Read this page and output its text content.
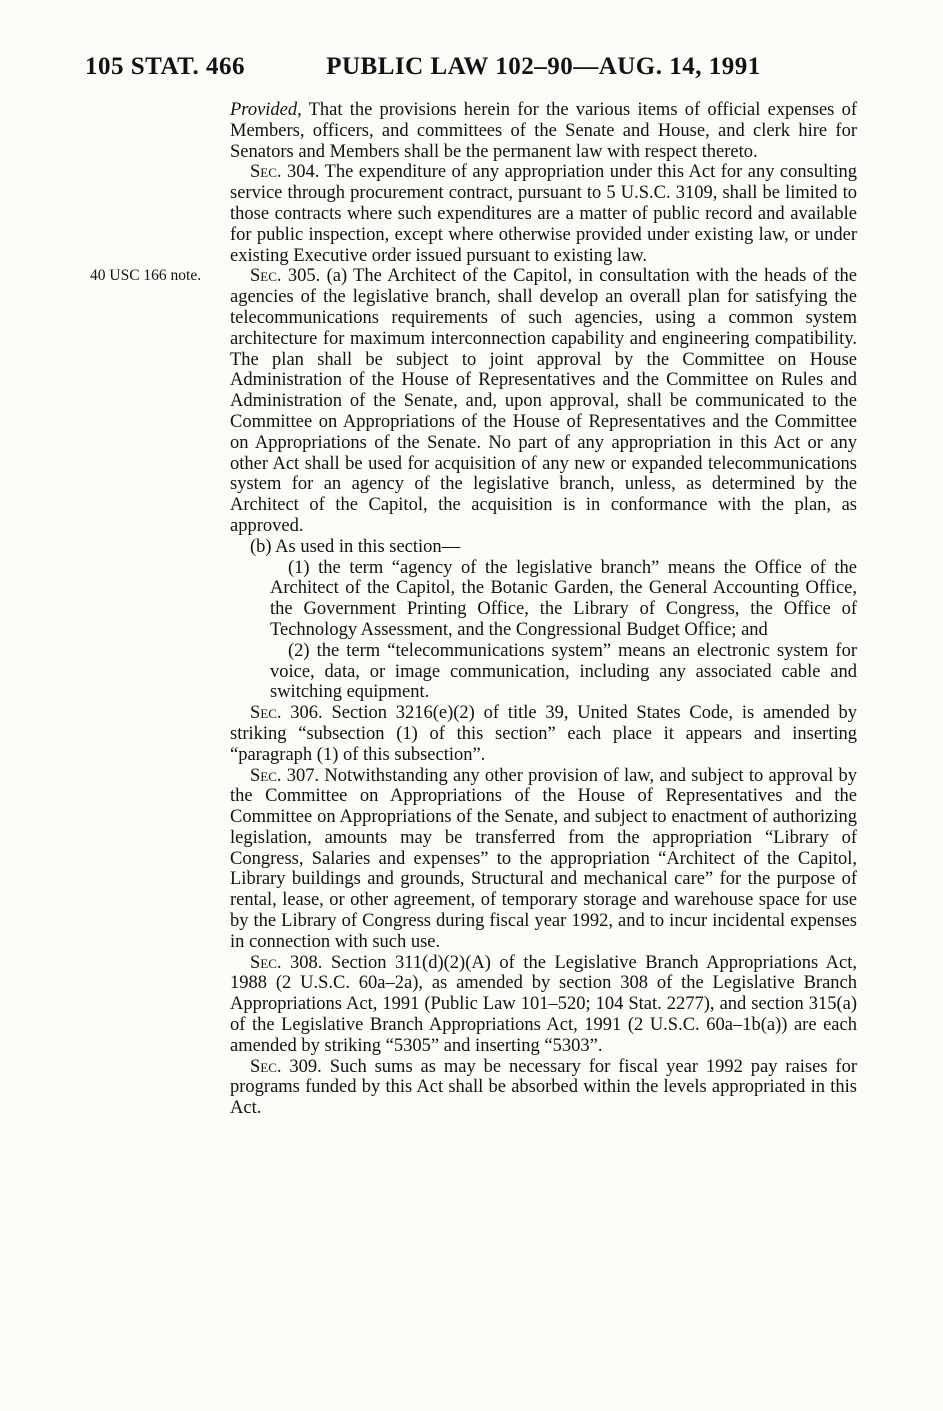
105 STAT. 466	PUBLIC LAW 102–90—AUG. 14, 1991

Provided, That the provisions herein for the various items of official expenses of Members, officers, and committees of the Senate and House, and clerk hire for Senators and Members shall be the permanent law with respect thereto.

Sec. 304. The expenditure of any appropriation under this Act for any consulting service through procurement contract, pursuant to 5 U.S.C. 3109, shall be limited to those contracts where such expenditures are a matter of public record and available for public inspection, except where otherwise provided under existing law, or under existing Executive order issued pursuant to existing law.

Sec. 305. (a) The Architect of the Capitol, in consultation with the heads of the agencies of the legislative branch, shall develop an overall plan for satisfying the telecommunications requirements of such agencies, using a common system architecture for maximum interconnection capability and engineering compatibility. The plan shall be subject to joint approval by the Committee on House Administration of the House of Representatives and the Committee on Rules and Administration of the Senate, and, upon approval, shall be communicated to the Committee on Appropriations of the House of Representatives and the Committee on Appropriations of the Senate. No part of any appropriation in this Act or any other Act shall be used for acquisition of any new or expanded telecommunications system for an agency of the legislative branch, unless, as determined by the Architect of the Capitol, the acquisition is in conformance with the plan, as approved.

(b) As used in this section—

(1) the term “agency of the legislative branch” means the Office of the Architect of the Capitol, the Botanic Garden, the General Accounting Office, the Government Printing Office, the Library of Congress, the Office of Technology Assessment, and the Congressional Budget Office; and

(2) the term “telecommunications system” means an electronic system for voice, data, or image communication, including any associated cable and switching equipment.

Sec. 306. Section 3216(e)(2) of title 39, United States Code, is amended by striking “subsection (1) of this section” each place it appears and inserting “paragraph (1) of this subsection”.

Sec. 307. Notwithstanding any other provision of law, and subject to approval by the Committee on Appropriations of the House of Representatives and the Committee on Appropriations of the Senate, and subject to enactment of authorizing legislation, amounts may be transferred from the appropriation “Library of Congress, Salaries and expenses” to the appropriation “Architect of the Capitol, Library buildings and grounds, Structural and mechanical care” for the purpose of rental, lease, or other agreement, of temporary storage and warehouse space for use by the Library of Congress during fiscal year 1992, and to incur incidental expenses in connection with such use.

Sec. 308. Section 311(d)(2)(A) of the Legislative Branch Appropriations Act, 1988 (2 U.S.C. 60a–2a), as amended by section 308 of the Legislative Branch Appropriations Act, 1991 (Public Law 101–520; 104 Stat. 2277), and section 315(a) of the Legislative Branch Appropriations Act, 1991 (2 U.S.C. 60a–1b(a)) are each amended by striking “5305” and inserting “5303”.

Sec. 309. Such sums as may be necessary for fiscal year 1992 pay raises for programs funded by this Act shall be absorbed within the levels appropriated in this Act.

40 USC 166 note.
